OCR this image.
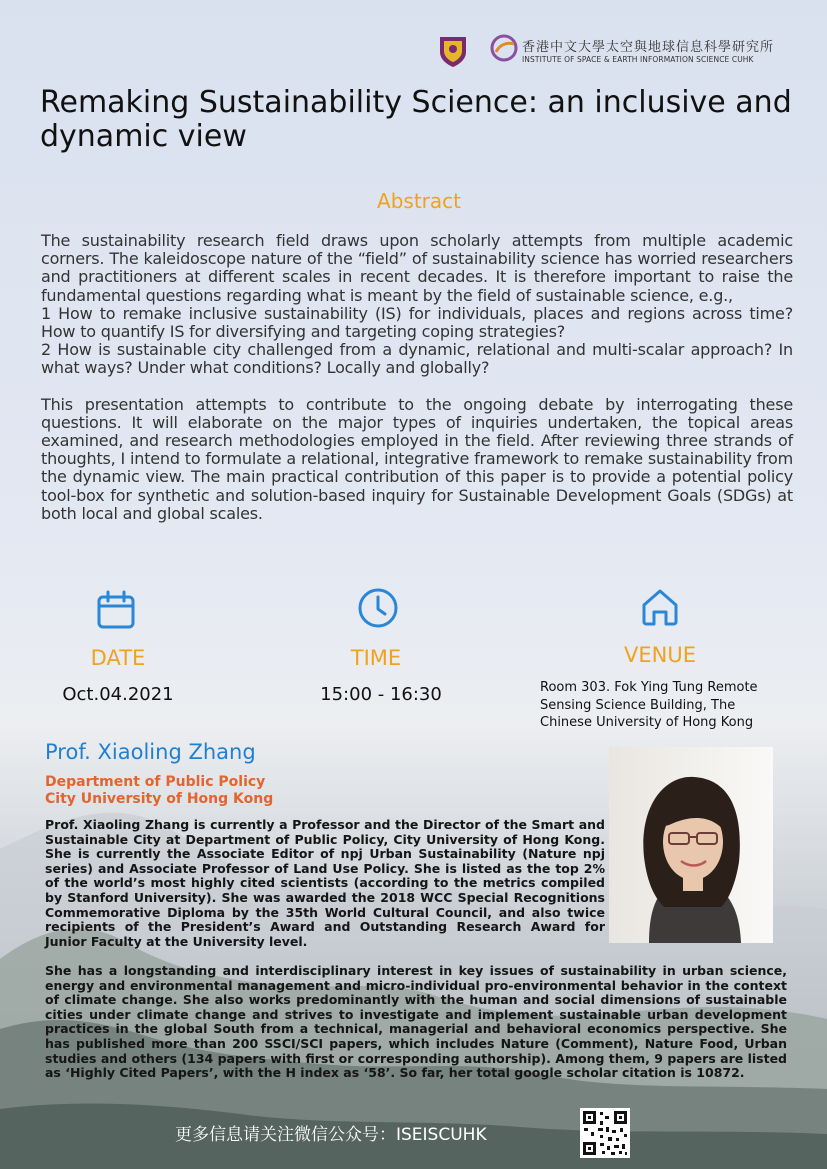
香港中文大學太空與地球信息科學研究所
INSTITUTE OF SPACE & EARTH INFORMATION SCIENCE CUHK
Remaking Sustainability Science: an inclusive and dynamic view
Abstract

The sustainability research field draws upon scholarly attempts from multiple academic corners. The kaleidoscope nature of the “field” of sustainability science has worried researchers and practitioners at different scales in recent decades. It is therefore important to raise the fundamental questions regarding what is meant by the field of sustainable science, e.g.,
1 How to remake inclusive sustainability (IS) for individuals, places and regions across time? How to quantify IS for diversifying and targeting coping strategies?
2 How is sustainable city challenged from a dynamic, relational and multi-scalar approach? In what ways? Under what conditions? Locally and globally?

This presentation attempts to contribute to the ongoing debate by interrogating these questions. It will elaborate on the major types of inquiries undertaken, the topical areas examined, and research methodologies employed in the field. After reviewing three strands of thoughts, I intend to formulate a relational, integrative framework to remake sustainability from the dynamic view. The main practical contribution of this paper is to provide a potential policy tool-box for synthetic and solution-based inquiry for Sustainable Development Goals (SDGs) at both local and global scales.

DATE
Oct.04.2021
TIME
15:00 - 16:30
VENUE
Room 303. Fok Ying Tung Remote Sensing Science Building, The Chinese University of Hong Kong
Prof. Xiaoling Zhang
Department of Public Policy
City University of Hong Kong
Prof. Xiaoling Zhang is currently a Professor and the Director of the Smart and Sustainable City at Department of Public Policy, City University of Hong Kong. She is currently the Associate Editor of npj Urban Sustainability (Nature npj series) and Associate Professor of Land Use Policy. She is listed as the top 2% of the world’s most highly cited scientists (according to the metrics compiled by Stanford University). She was awarded the 2018 WCC Special Recognitions Commemorative Diploma by the 35th World Cultural Council, and also twice recipients of the President’s Award and Outstanding Research Award for Junior Faculty at the University level.
She has a longstanding and interdisciplinary interest in key issues of sustainability in urban science, energy and environmental management and micro-individual pro-environmental behavior in the context of climate change. She also works predominantly with the human and social dimensions of sustainable cities under climate change and strives to investigate and implement sustainable urban development practices in the global South from a technical, managerial and behavioral economics perspective. She has published more than 200 SSCI/SCI papers, which includes Nature (Comment), Nature Food, Urban studies and others (134 papers with first or corresponding authorship). Among them, 9 papers are listed as ‘Highly Cited Papers’, with the H index as ‘58’. So far, her total google scholar citation is 10872.
更多信息请关注微信公众号：ISEISCUHK
